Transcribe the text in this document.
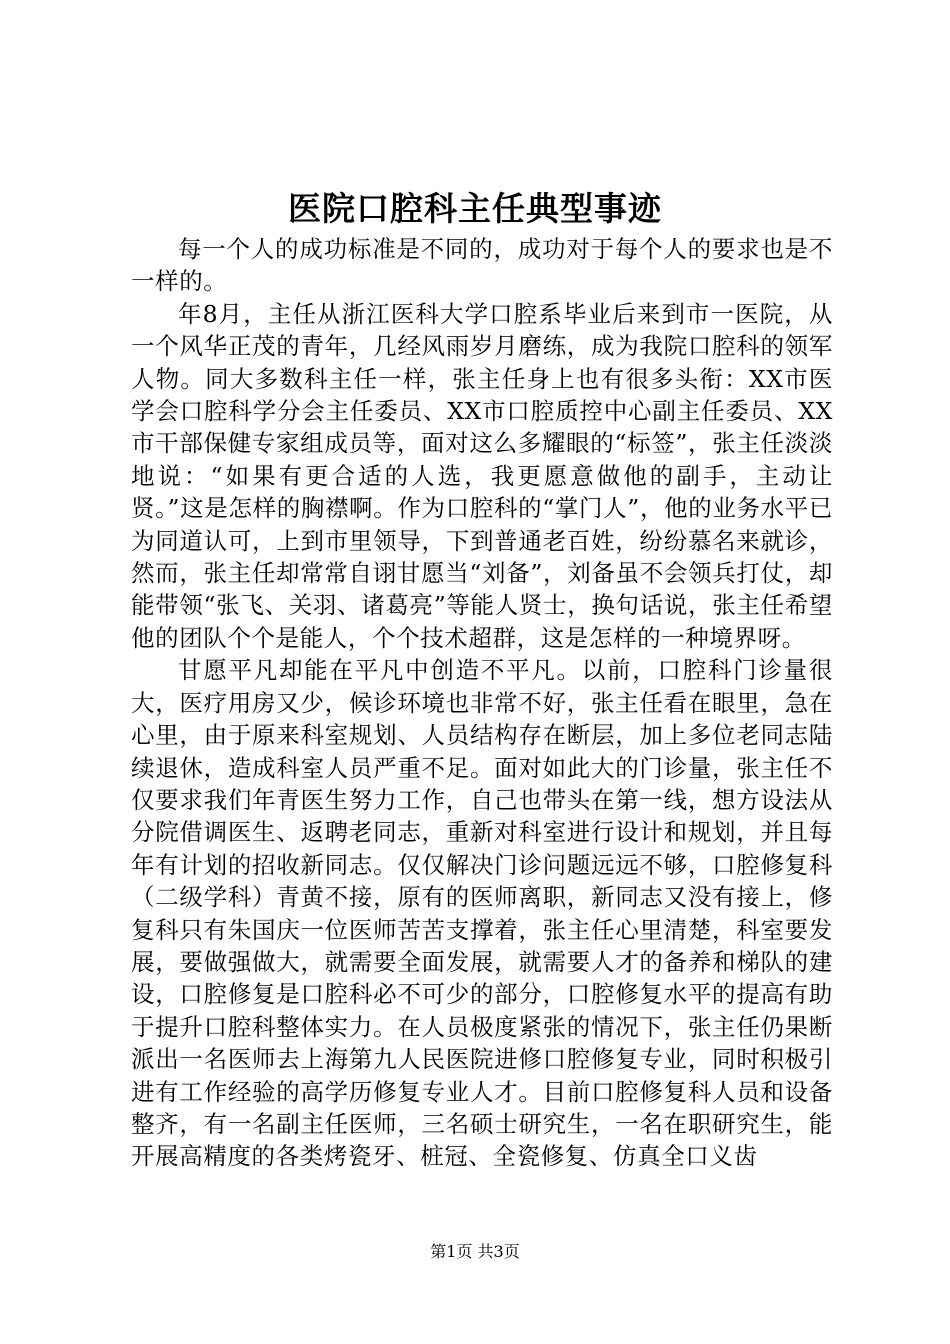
医院口腔科主任典型事迹

每一个人的成功标准是不同的，成功对于每个人的要求也是不一样的。

年8月，主任从浙江医科大学口腔系毕业后来到市一医院，从一个风华正茂的青年，几经风雨岁月磨练，成为我院口腔科的领军人物。同大多数科主任一样，张主任身上也有很多头衔：XX市医学会口腔科学分会主任委员、XX市口腔质控中心副主任委员、XX市干部保健专家组成员等，面对这么多耀眼的“标签”，张主任淡淡地说：“如果有更合适的人选，我更愿意做他的副手，主动让贤。”这是怎样的胸襟啊。作为口腔科的“掌门人”，他的业务水平已为同道认可，上到市里领导，下到普通老百姓，纷纷慕名来就诊，然而，张主任却常常自诩甘愿当“刘备”，刘备虽不会领兵打仗，却能带领“张飞、关羽、诸葛亮”等能人贤士，换句话说，张主任希望他的团队个个是能人，个个技术超群，这是怎样的一种境界呀。

甘愿平凡却能在平凡中创造不平凡。以前，口腔科门诊量很大，医疗用房又少，候诊环境也非常不好，张主任看在眼里，急在心里，由于原来科室规划、人员结构存在断层，加上多位老同志陆续退休，造成科室人员严重不足。面对如此大的门诊量，张主任不仅要求我们年青医生努力工作，自己也带头在第一线，想方设法从分院借调医生、返聘老同志，重新对科室进行设计和规划，并且每年有计划的招收新同志。仅仅解决门诊问题远远不够，口腔修复科（二级学科）青黄不接，原有的医师离职，新同志又没有接上，修复科只有朱国庆一位医师苦苦支撑着，张主任心里清楚，科室要发展，要做强做大，就需要全面发展，就需要人才的备养和梯队的建设，口腔修复是口腔科必不可少的部分，口腔修复水平的提高有助于提升口腔科整体实力。在人员极度紧张的情况下，张主任仍果断派出一名医师去上海第九人民医院进修口腔修复专业，同时积极引进有工作经验的高学历修复专业人才。目前口腔修复科人员和设备整齐，有一名副主任医师，三名硕士研究生，一名在职研究生，能开展高精度的各类烤瓷牙、桩冠、全瓷修复、仿真全口义齿

第1页 共3页
